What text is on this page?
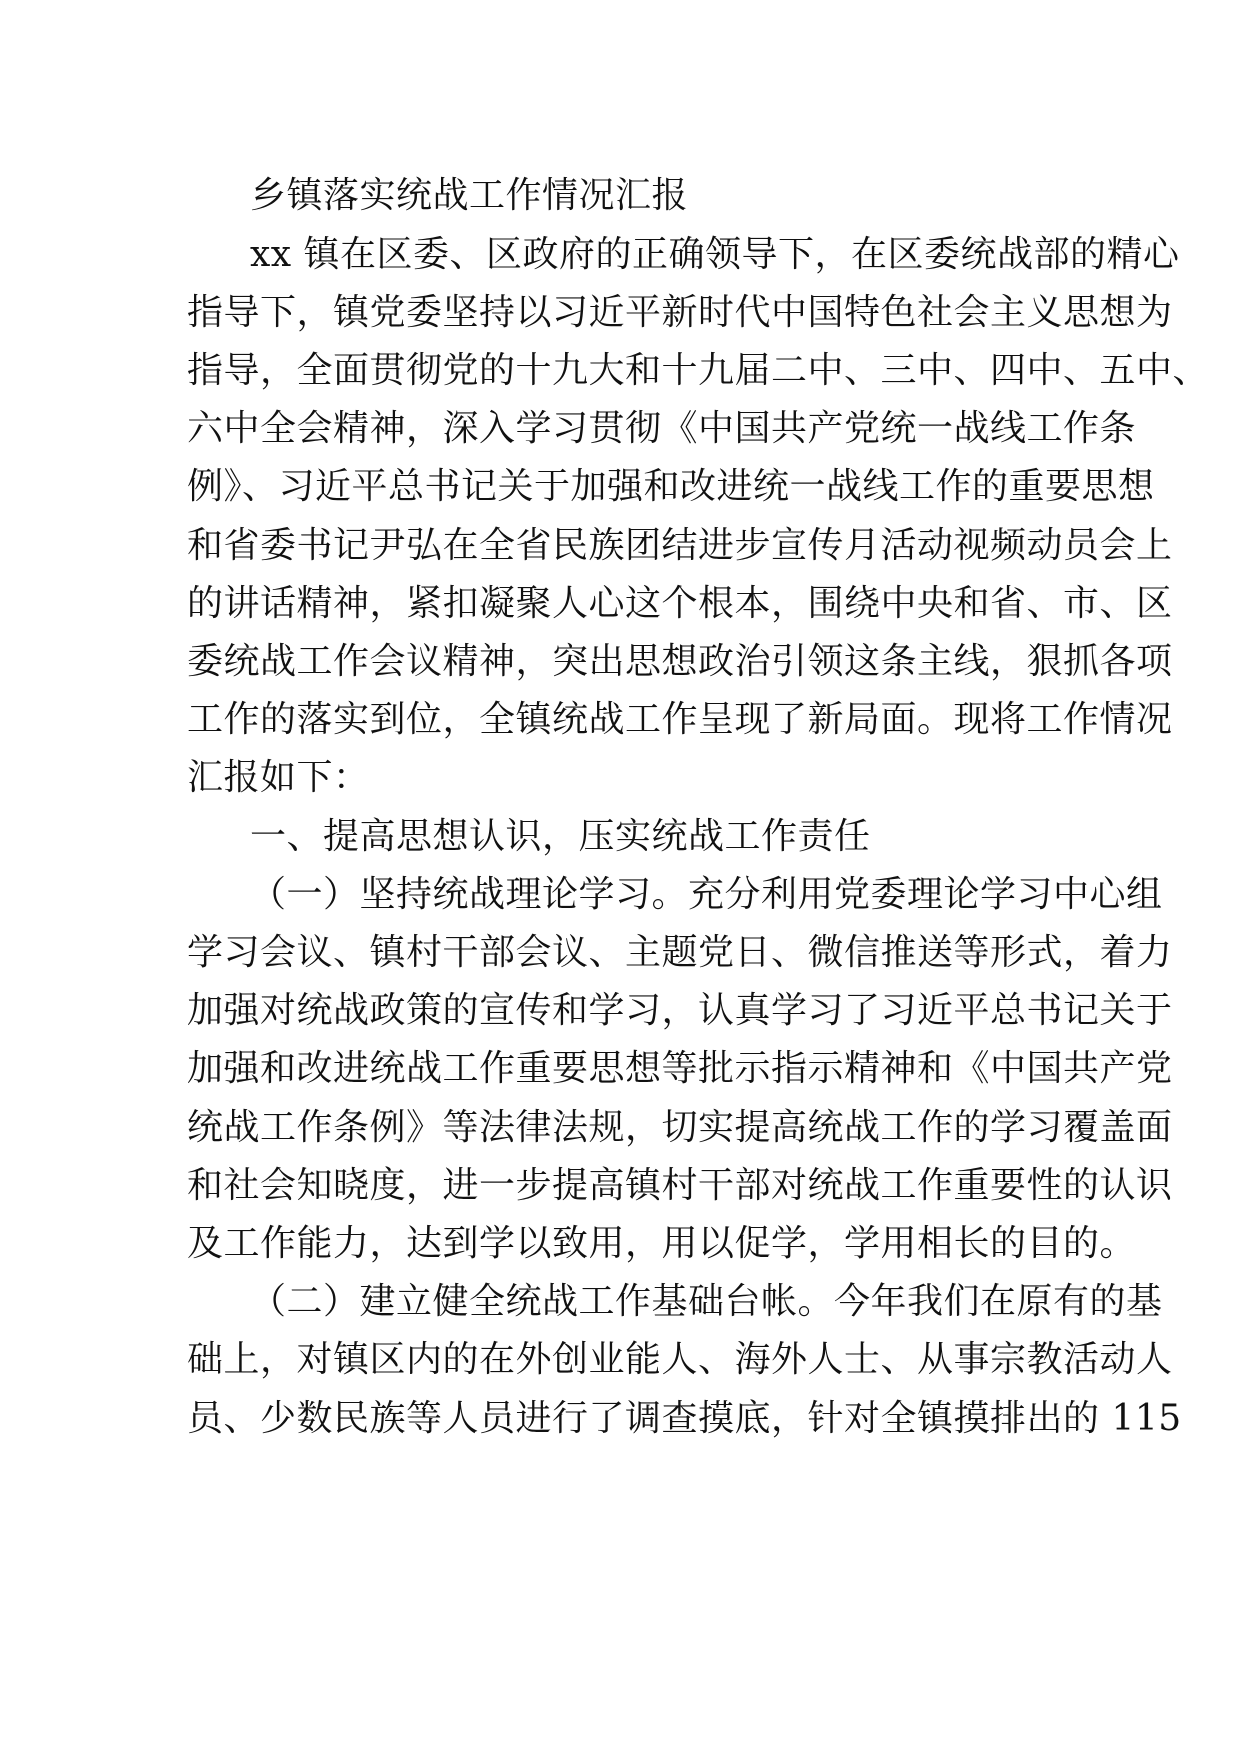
乡镇落实统战工作情况汇报
xx 镇在区委、区政府的正确领导下，在区委统战部的精心
指导下，镇党委坚持以习近平新时代中国特色社会主义思想为
指导，全面贯彻党的十九大和十九届二中、三中、四中、五中、
六中全会精神，深入学习贯彻《中国共产党统一战线工作条
例》、习近平总书记关于加强和改进统一战线工作的重要思想
和省委书记尹弘在全省民族团结进步宣传月活动视频动员会上
的讲话精神，紧扣凝聚人心这个根本，围绕中央和省、市、区
委统战工作会议精神，突出思想政治引领这条主线，狠抓各项
工作的落实到位，全镇统战工作呈现了新局面。现将工作情况
汇报如下：
一、提高思想认识，压实统战工作责任
（一）坚持统战理论学习。充分利用党委理论学习中心组
学习会议、镇村干部会议、主题党日、微信推送等形式，着力
加强对统战政策的宣传和学习，认真学习了习近平总书记关于
加强和改进统战工作重要思想等批示指示精神和《中国共产党
统战工作条例》等法律法规，切实提高统战工作的学习覆盖面
和社会知晓度，进一步提高镇村干部对统战工作重要性的认识
及工作能力，达到学以致用，用以促学，学用相长的目的。
（二）建立健全统战工作基础台帐。今年我们在原有的基
础上，对镇区内的在外创业能人、海外人士、从事宗教活动人
员、少数民族等人员进行了调查摸底，针对全镇摸排出的 115
